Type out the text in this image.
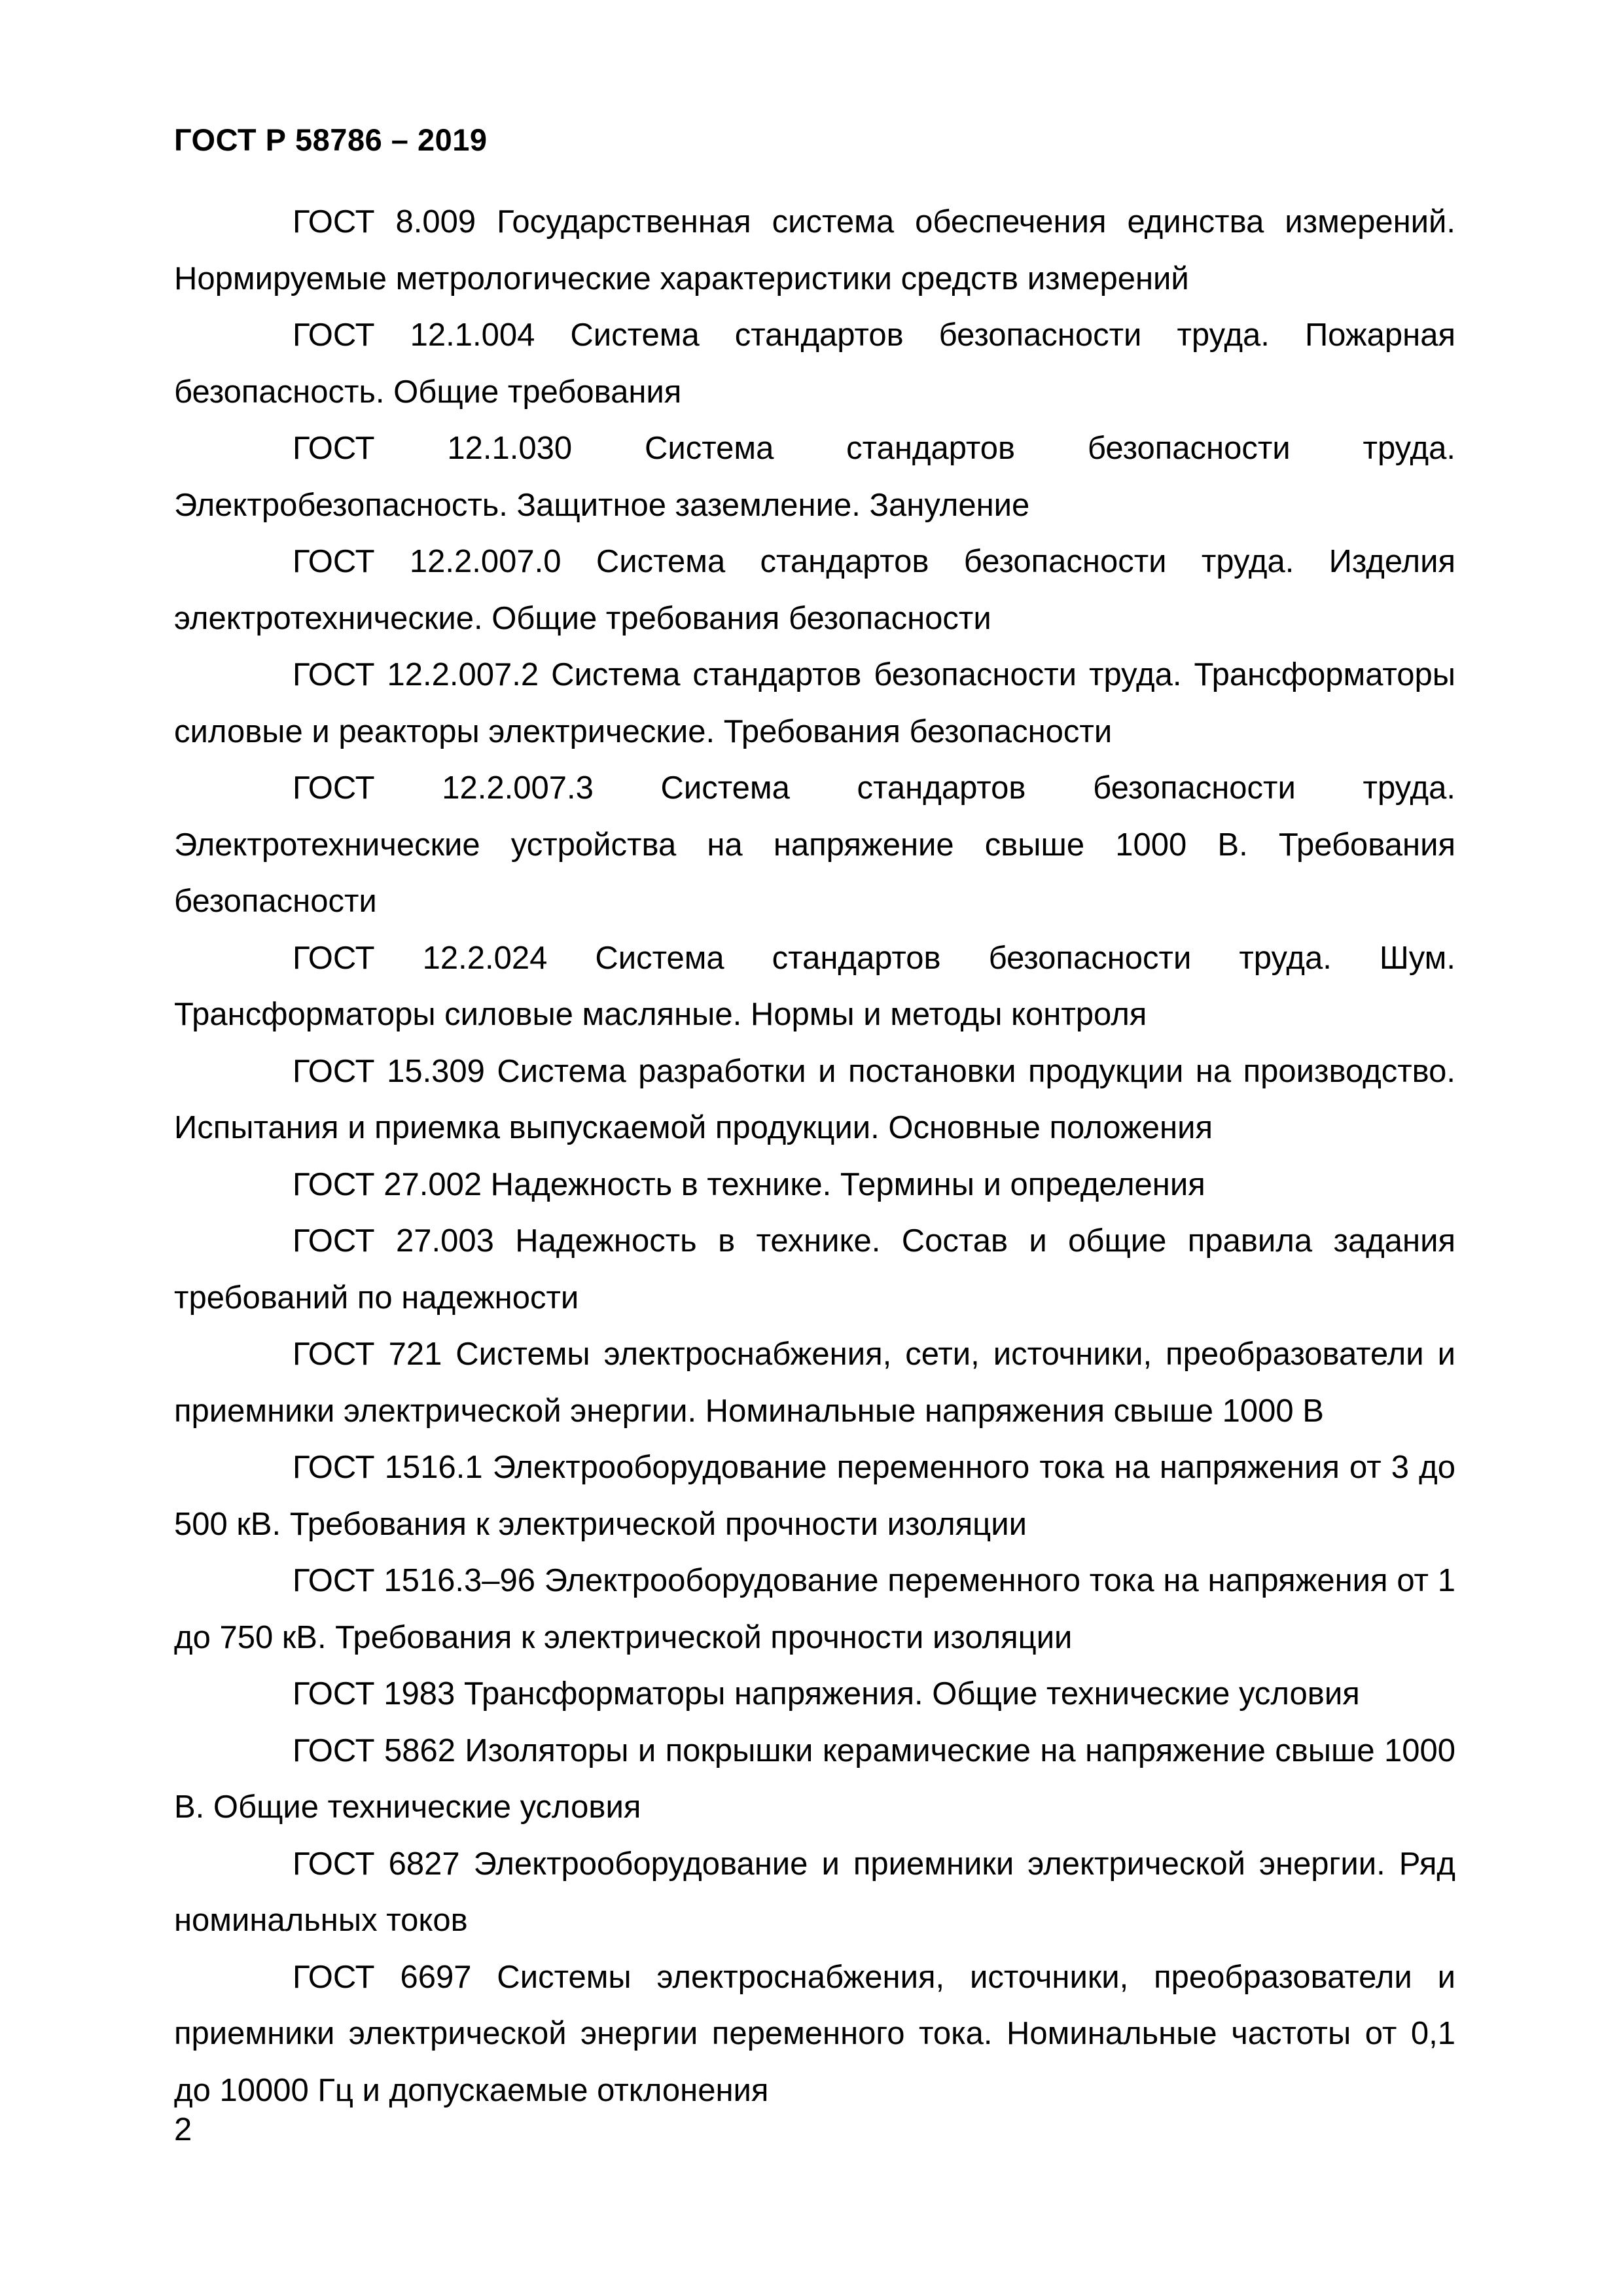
ГОСТ Р 58786 – 2019

ГОСТ 8.009 Государственная система обеспечения единства измерений. Нормируемые метрологические характеристики средств измерений

ГОСТ 12.1.004 Система стандартов безопасности труда. Пожарная безопасность. Общие требования

ГОСТ 12.1.030 Система стандартов безопасности труда. Электробезопасность. Защитное заземление. Зануление

ГОСТ 12.2.007.0 Система стандартов безопасности труда. Изделия электротехнические. Общие требования безопасности

ГОСТ 12.2.007.2 Система стандартов безопасности труда. Трансформаторы силовые и реакторы электрические. Требования безопасности

ГОСТ 12.2.007.3 Система стандартов безопасности труда. Электротехнические устройства на напряжение свыше 1000 В. Требования безопасности

ГОСТ 12.2.024 Система стандартов безопасности труда. Шум. Трансформаторы силовые масляные. Нормы и методы контроля

ГОСТ 15.309 Система разработки и постановки продукции на производство. Испытания и приемка выпускаемой продукции. Основные положения

ГОСТ 27.002 Надежность в технике. Термины и определения

ГОСТ 27.003 Надежность в технике. Состав и общие правила задания требований по надежности

ГОСТ 721 Системы электроснабжения, сети, источники, преобразователи и приемники электрической энергии. Номинальные напряжения свыше 1000 В

ГОСТ 1516.1 Электрооборудование переменного тока на напряжения от 3 до 500 кВ. Требования к электрической прочности изоляции

ГОСТ 1516.3–96 Электрооборудование переменного тока на напряжения от 1 до 750 кВ. Требования к электрической прочности изоляции

ГОСТ 1983 Трансформаторы напряжения. Общие технические условия

ГОСТ 5862 Изоляторы и покрышки керамические на напряжение свыше 1000 В. Общие технические условия

ГОСТ 6827 Электрооборудование и приемники электрической энергии. Ряд номинальных токов

ГОСТ 6697 Системы электроснабжения, источники, преобразователи и приемники электрической энергии переменного тока. Номинальные частоты от 0,1 до 10000 Гц и допускаемые отклонения

2
